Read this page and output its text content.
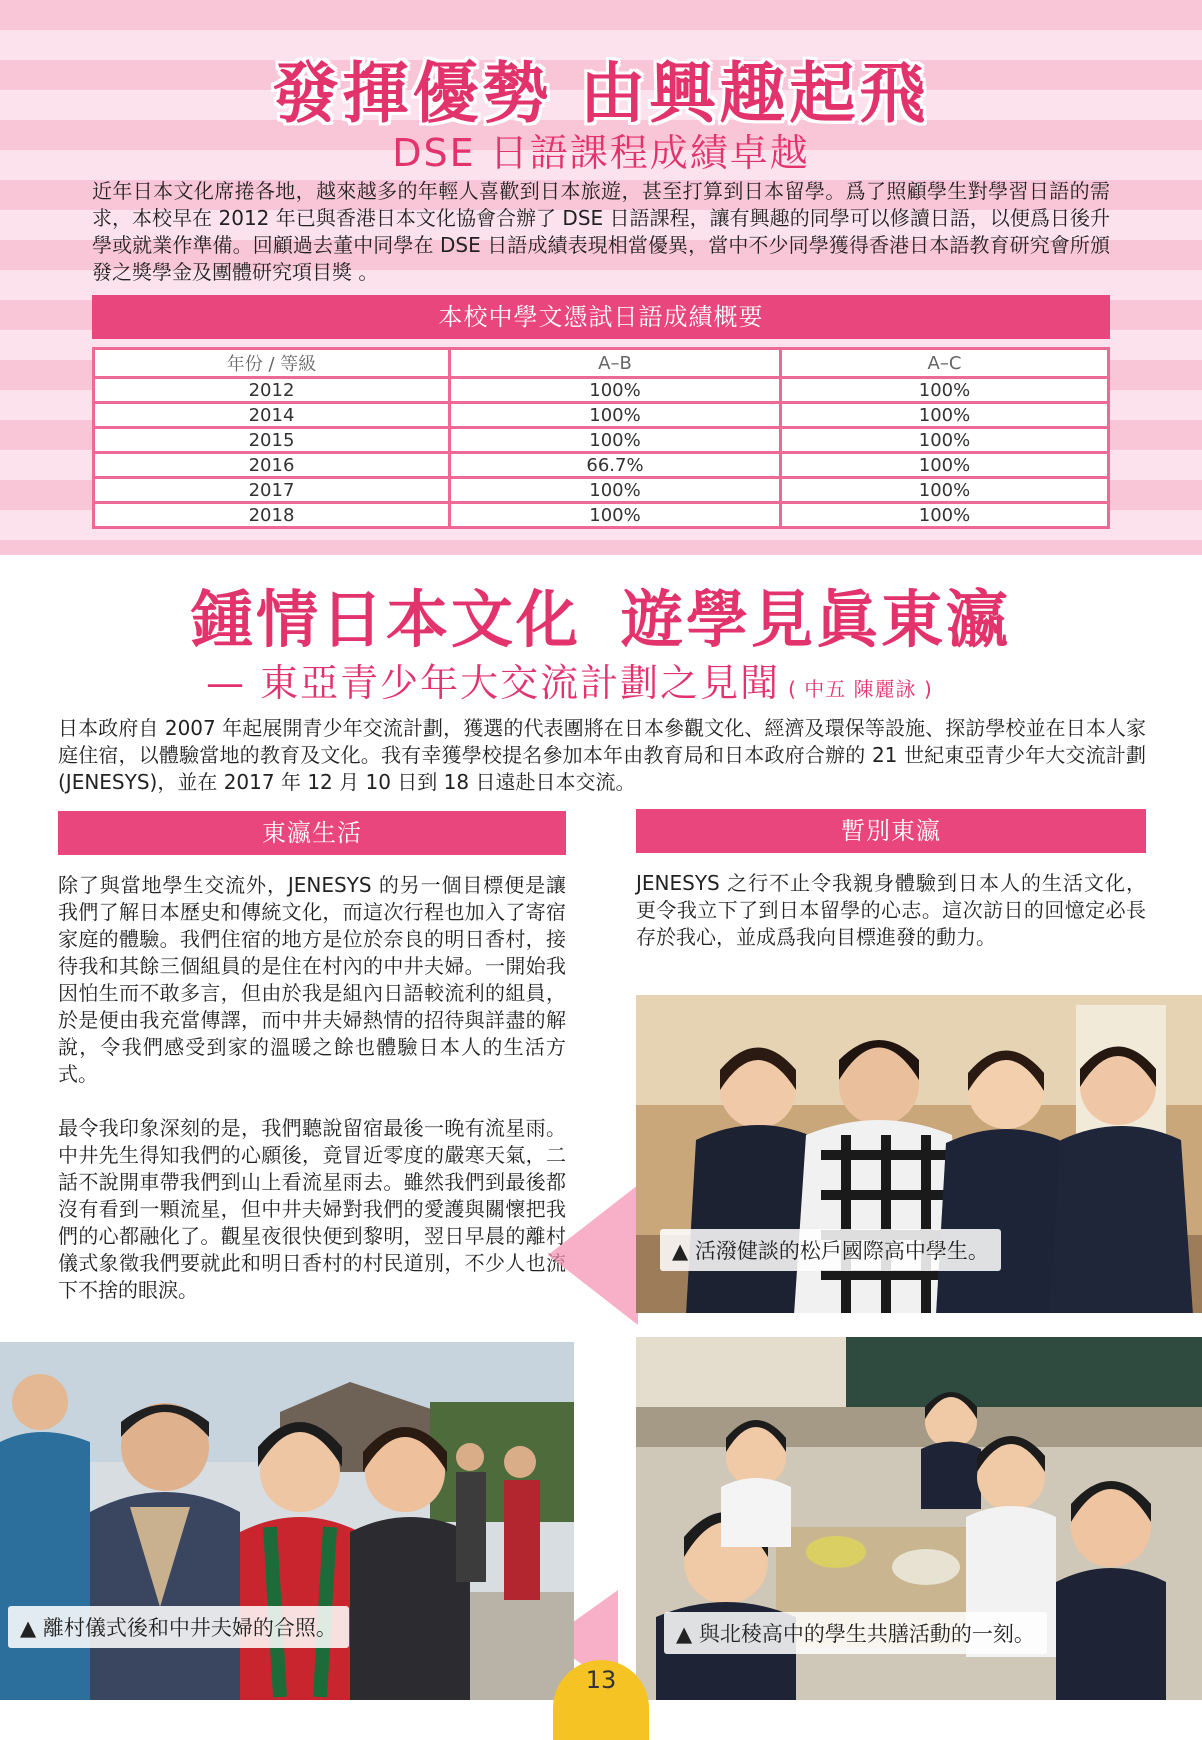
發揮優勢 由興趣起飛
DSE 日語課程成績卓越

近年日本文化席捲各地，越來越多的年輕人喜歡到日本旅遊，甚至打算到日本留學。爲了照顧學生對學習日語的需求，本校早在 2012 年已與香港日本文化協會合辦了 DSE 日語課程，讓有興趣的同學可以修讀日語，以便爲日後升學或就業作準備。回顧過去董中同學在 DSE 日語成績表現相當優異，當中不少同學獲得香港日本語教育研究會所頒發之獎學金及團體研究項目獎 。

本校中學文憑試日語成績概要
年份 / 等級	A–B	A–C
2012	100%	100%
2014	100%	100%
2015	100%	100%
2016	66.7%	100%
2017	100%	100%
2018	100%	100%
鍾情日本文化 遊學見眞東瀛
— 東亞青少年大交流計劃之見聞 ( 中五 陳麗詠 )

日本政府自 2007 年起展開青少年交流計劃，獲選的代表團將在日本參觀文化、經濟及環保等設施、探訪學校並在日本人家庭住宿，以體驗當地的教育及文化。我有幸獲學校提名參加本年由教育局和日本政府合辦的 21 世紀東亞青少年大交流計劃 (JENESYS)，並在 2017 年 12 月 10 日到 18 日遠赴日本交流。

東瀛生活	暫別東瀛

除了與當地學生交流外，JENESYS 的另一個目標便是讓我們了解日本歷史和傳統文化，而這次行程也加入了寄宿家庭的體驗。我們住宿的地方是位於奈良的明日香村，接待我和其餘三個組員的是住在村內的中井夫婦。一開始我因怕生而不敢多言，但由於我是組內日語較流利的組員，於是便由我充當傳譯，而中井夫婦熱情的招待與詳盡的解說，令我們感受到家的溫暖之餘也體驗日本人的生活方式。

最令我印象深刻的是，我們聽說留宿最後一晚有流星雨。中井先生得知我們的心願後，竟冒近零度的嚴寒天氣，二話不說開車帶我們到山上看流星雨去。雖然我們到最後都沒有看到一顆流星，但中井夫婦對我們的愛護與關懷把我們的心都融化了。觀星夜很快便到黎明，翌日早晨的離村儀式象徵我們要就此和明日香村的村民道別，不少人也流下不捨的眼淚。

JENESYS 之行不止令我親身體驗到日本人的生活文化，更令我立下了到日本留學的心志。這次訪日的回憶定必長存於我心，並成爲我向目標進發的動力。

▲ 活潑健談的松戶國際高中學生。
▲ 離村儀式後和中井夫婦的合照。	▲ 與北稜高中的學生共膳活動的一刻。
13
